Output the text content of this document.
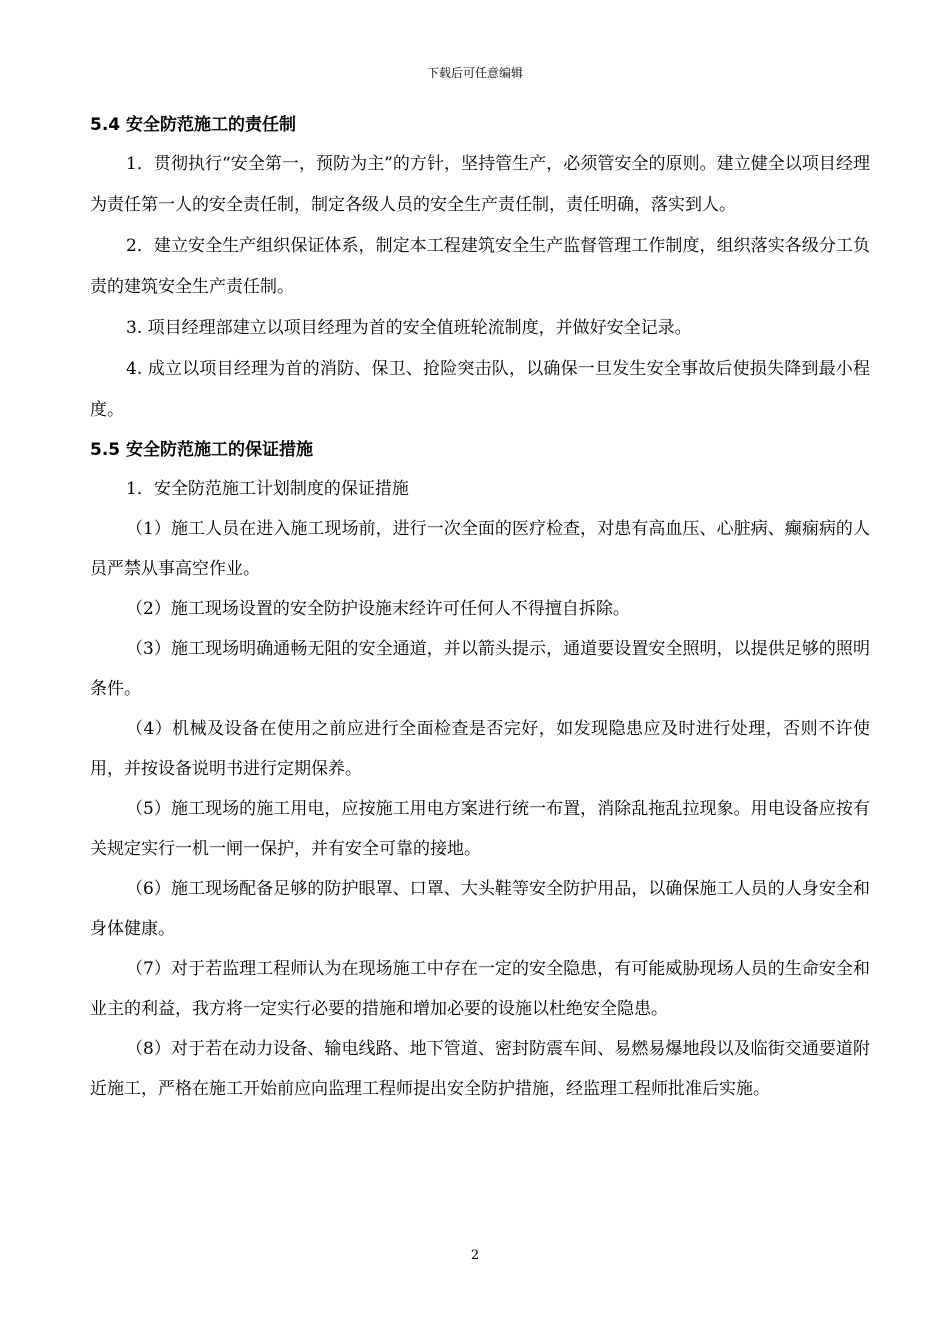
下载后可任意编辑
5.4 安全防范施工的责任制

1．贯彻执行“安全第一，预防为主”的方针，坚持管生产，必须管安全的原则。建立健全以项目经理为责任第一人的安全责任制，制定各级人员的安全生产责任制，责任明确，落实到人。

2．建立安全生产组织保证体系，制定本工程建筑安全生产监督管理工作制度，组织落实各级分工负责的建筑安全生产责任制。

3. 项目经理部建立以项目经理为首的安全值班轮流制度，并做好安全记录。

4. 成立以项目经理为首的消防、保卫、抢险突击队，以确保一旦发生安全事故后使损失降到最小程度。

5.5 安全防范施工的保证措施

1．安全防范施工计划制度的保证措施

（1）施工人员在进入施工现场前，进行一次全面的医疗检查，对患有高血压、心脏病、癫痫病的人员严禁从事高空作业。

（2）施工现场设置的安全防护设施末经许可任何人不得擅自拆除。

（3）施工现场明确通畅无阻的安全通道，并以箭头提示，通道要设置安全照明，以提供足够的照明条件。

（4）机械及设备在使用之前应进行全面检查是否完好，如发现隐患应及时进行处理，否则不许使用，并按设备说明书进行定期保养。

（5）施工现场的施工用电，应按施工用电方案进行统一布置，消除乱拖乱拉现象。用电设备应按有关规定实行一机一闸一保护，并有安全可靠的接地。

（6）施工现场配备足够的防护眼罩、口罩、大头鞋等安全防护用品，以确保施工人员的人身安全和身体健康。

（7）对于若监理工程师认为在现场施工中存在一定的安全隐患，有可能威胁现场人员的生命安全和业主的利益，我方将一定实行必要的措施和增加必要的设施以杜绝安全隐患。

（8）对于若在动力设备、输电线路、地下管道、密封防震车间、易燃易爆地段以及临街交通要道附近施工，严格在施工开始前应向监理工程师提出安全防护措施，经监理工程师批准后实施。

2
